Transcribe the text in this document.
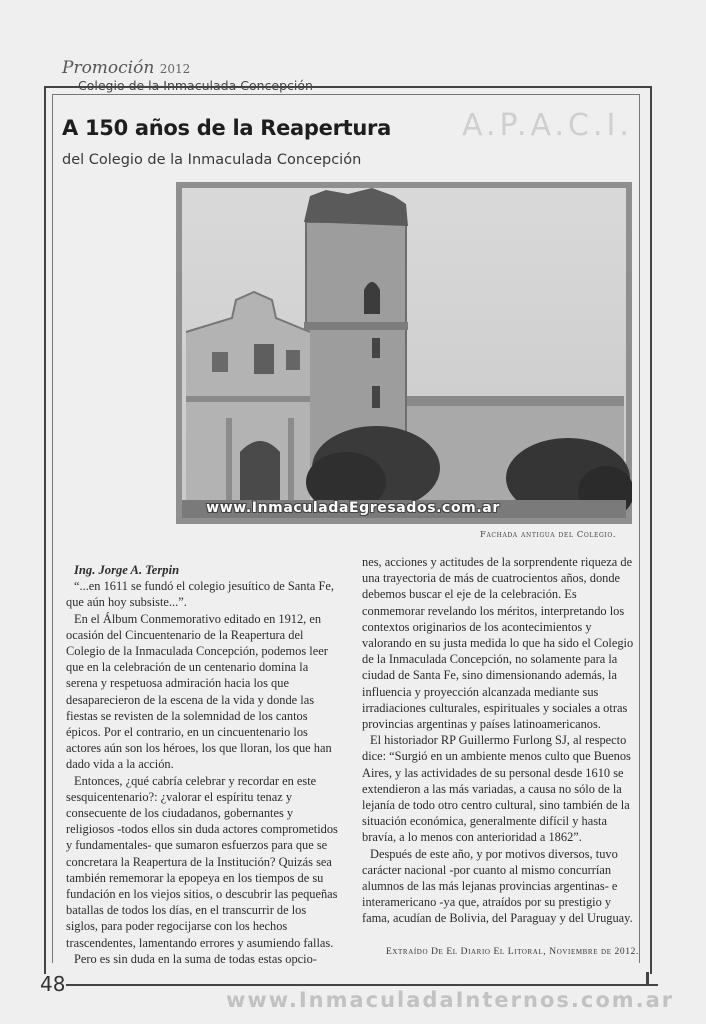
Promoción 2012
Colegio de la Inmaculada Concepción
A.P.A.C.I.
A 150 años de la Reapertura
del Colegio de la Inmaculada Concepción
www.InmaculadaEgresados.com.ar
Fachada antigua del Colegio.
Ing. Jorge A. Terpin

“...en 1611 se fundó el colegio jesuítico de Santa Fe, que aún hoy subsiste...”.

En el Álbum Conmemorativo editado en 1912, en ocasión del Cincuentenario de la Reapertura del Colegio de la Inmaculada Concepción, podemos leer que en la celebración de un centenario domina la serena y respetuosa admiración hacia los que desaparecieron de la escena de la vida y donde las fiestas se revisten de la solemnidad de los cantos épicos. Por el contrario, en un cincuentenario los actores aún son los héroes, los que lloran, los que han dado vida a la acción.

Entonces, ¿qué cabría celebrar y recordar en este sesquicentenario?: ¿valorar el espíritu tenaz y consecuente de los ciudadanos, gobernantes y religiosos -todos ellos sin duda actores comprometidos y fundamentales- que sumaron esfuerzos para que se concretara la Reapertura de la Institución? Quizás sea también rememorar la epopeya en los tiempos de su fundación en los viejos sitios, o descubrir las pequeñas batallas de todos los días, en el transcurrir de los siglos, para poder regocijarse con los hechos trascendentes, lamentando errores y asumiendo fallas.

Pero es sin duda en la suma de todas estas opcio-

nes, acciones y actitudes de la sorprendente riqueza de una trayectoria de más de cuatrocientos años, donde debemos buscar el eje de la celebración. Es conmemorar revelando los méritos, interpretando los contextos originarios de los acontecimientos y valorando en su justa medida lo que ha sido el Colegio de la Inmaculada Concepción, no solamente para la ciudad de Santa Fe, sino dimensionando además, la influencia y proyección alcanzada mediante sus irradiaciones culturales, espirituales y sociales a otras provincias argentinas y países latinoamericanos.

El historiador RP Guillermo Furlong SJ, al respecto dice: “Surgió en un ambiente menos culto que Buenos Aires, y las actividades de su personal desde 1610 se extendieron a las más variadas, a causa no sólo de la lejanía de todo otro centro cultural, sino también de la situación económica, generalmente difícil y hasta bravía, a lo menos con anterioridad a 1862”.

Después de este año, y por motivos diversos, tuvo carácter nacional -por cuanto al mismo concurrían alumnos de las más lejanas provincias argentinas- e interamericano -ya que, atraídos por su prestigio y fama, acudían de Bolivia, del Paraguay y del Uruguay.

Extraído De El Diario El Litoral, Noviembre de 2012.
48
www.InmaculadaInternos.com.ar
